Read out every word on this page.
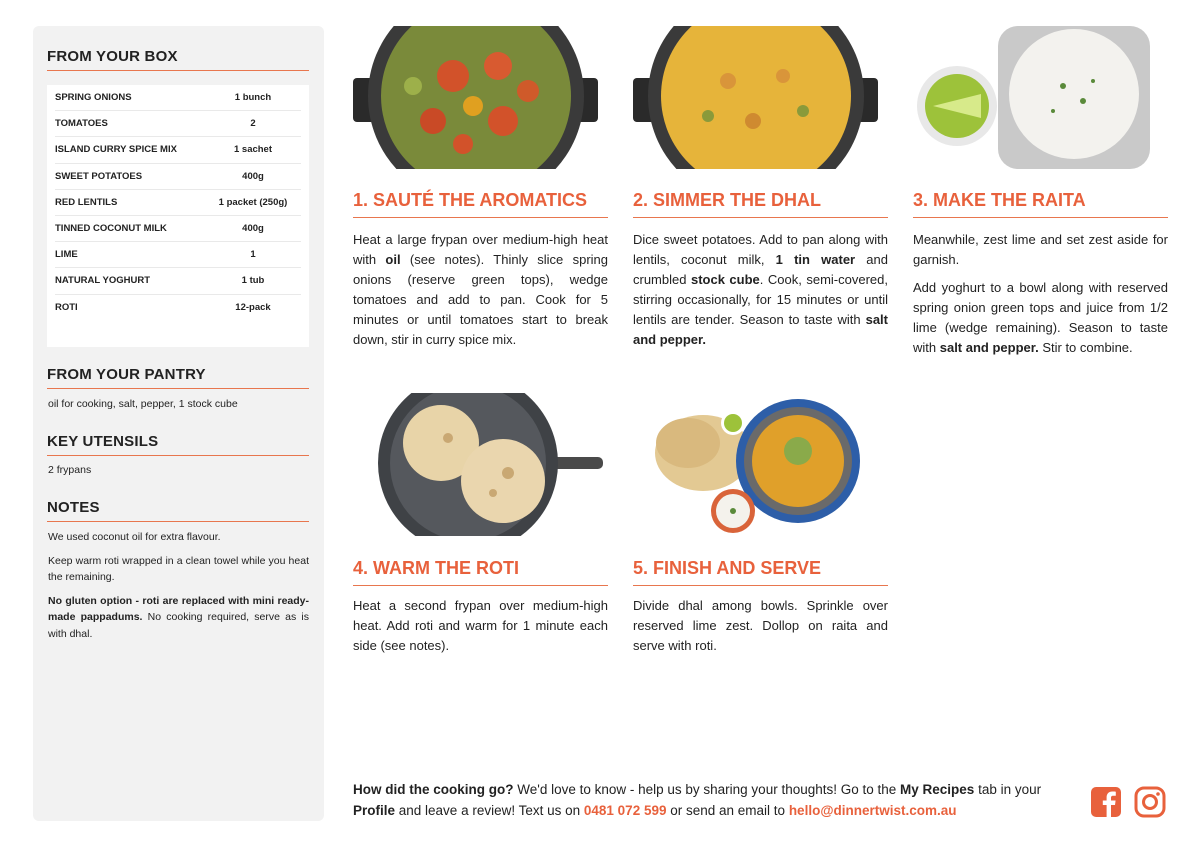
FROM YOUR BOX
SPRING ONIONS	1 bunch
TOMATOES	2
ISLAND CURRY SPICE MIX	1 sachet
SWEET POTATOES	400g
RED LENTILS	1 packet (250g)
TINNED COCONUT MILK	400g
LIME	1
NATURAL YOGHURT	1 tub
ROTI	12-pack
FROM YOUR PANTRY
oil for cooking, salt, pepper, 1 stock cube
KEY UTENSILS
2 frypans
NOTES

We used coconut oil for extra flavour.

Keep warm roti wrapped in a clean towel while you heat the remaining.

No gluten option - roti are replaced with mini ready-made pappadums. No cooking required, serve as is with dhal.

1. SAUTÉ THE AROMATICS
Heat a large frypan over medium-high heat with oil (see notes). Thinly slice spring onions (reserve green tops), wedge tomatoes and add to pan. Cook for 5 minutes or until tomatoes start to break down, stir in curry spice mix.
2. SIMMER THE DHAL
Dice sweet potatoes. Add to pan along with lentils, coconut milk, 1 tin water and crumbled stock cube. Cook, semi-covered, stirring occasionally, for 15 minutes or until lentils are tender. Season to taste with salt and pepper.
3. MAKE THE RAITA

Meanwhile, zest lime and set zest aside for garnish.

Add yoghurt to a bowl along with reserved spring onion green tops and juice from 1/2 lime (wedge remaining). Season to taste with salt and pepper. Stir to combine.

4. WARM THE ROTI
Heat a second frypan over medium-high heat. Add roti and warm for 1 minute each side (see notes).
5. FINISH AND SERVE
Divide dhal among bowls. Sprinkle over reserved lime zest. Dollop on raita and serve with roti.
How did the cooking go? We'd love to know - help us by sharing your thoughts! Go to the My Recipes tab in your Profile and leave a review! Text us on 0481 072 599 or send an email to hello@dinnertwist.com.au
